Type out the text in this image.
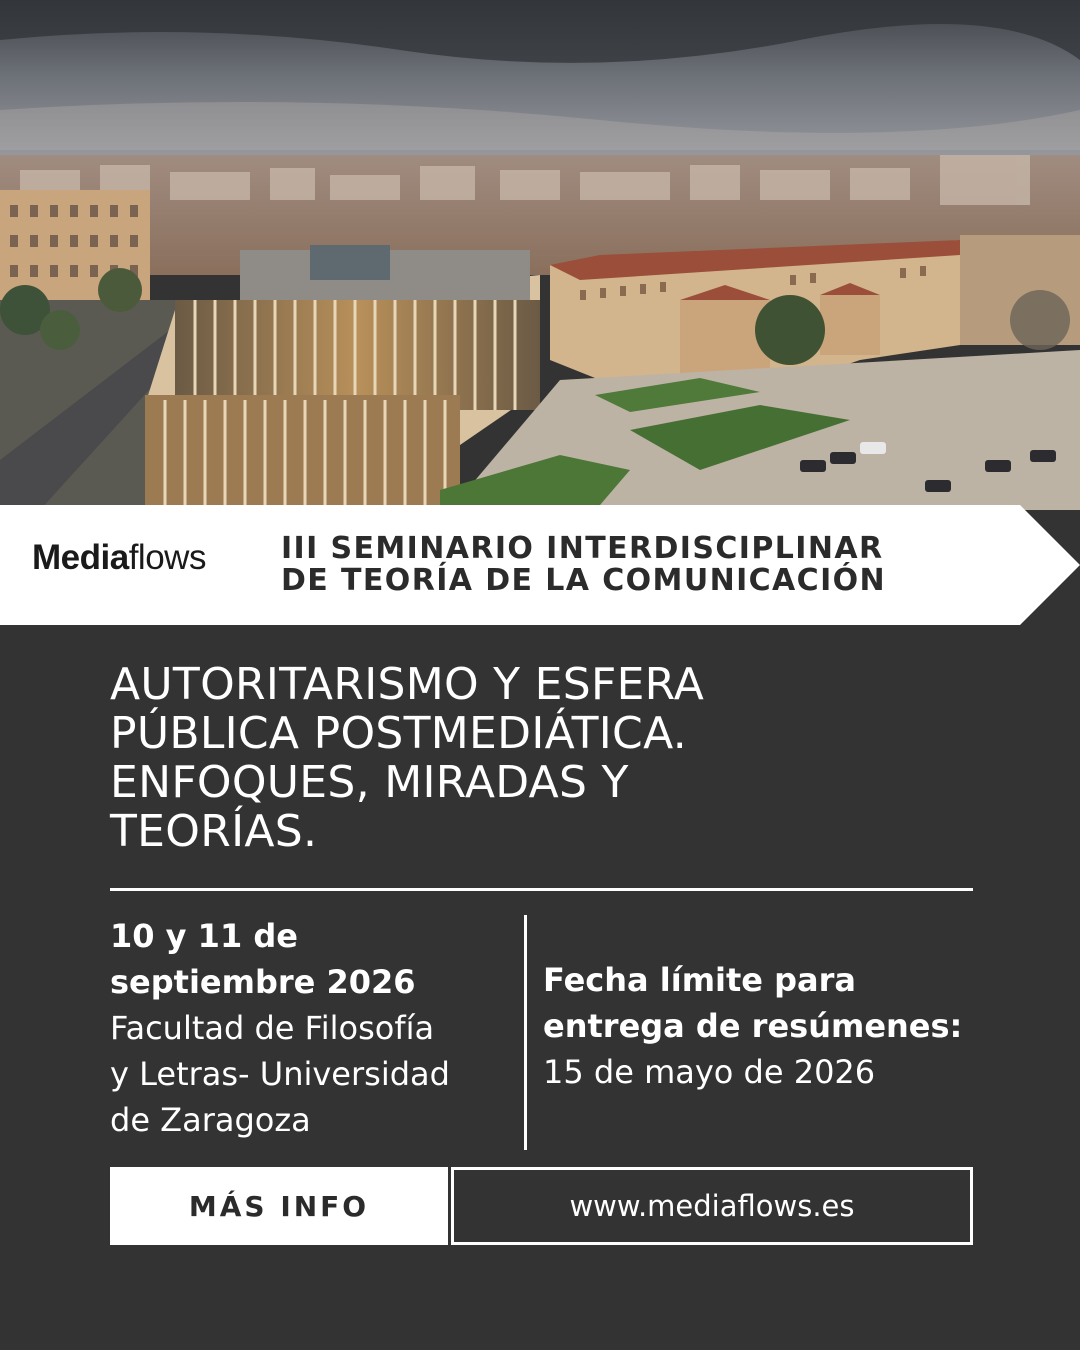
Mediaflows	III SEMINARIO INTERDISCIPLINAR
DE TEORÍA DE LA COMUNICACIÓN
AUTORITARISMO Y ESFERA
PÚBLICA POSTMEDIÁTICA.
ENFOQUES, MIRADAS Y
TEORÍAS.
10 y 11 de
septiembre 2026
Facultad de Filosofía
y Letras- Universidad
de Zaragoza
Fecha límite para
entrega de resúmenes:
15 de mayo de 2026
MÁS INFO	www.mediaflows.es
